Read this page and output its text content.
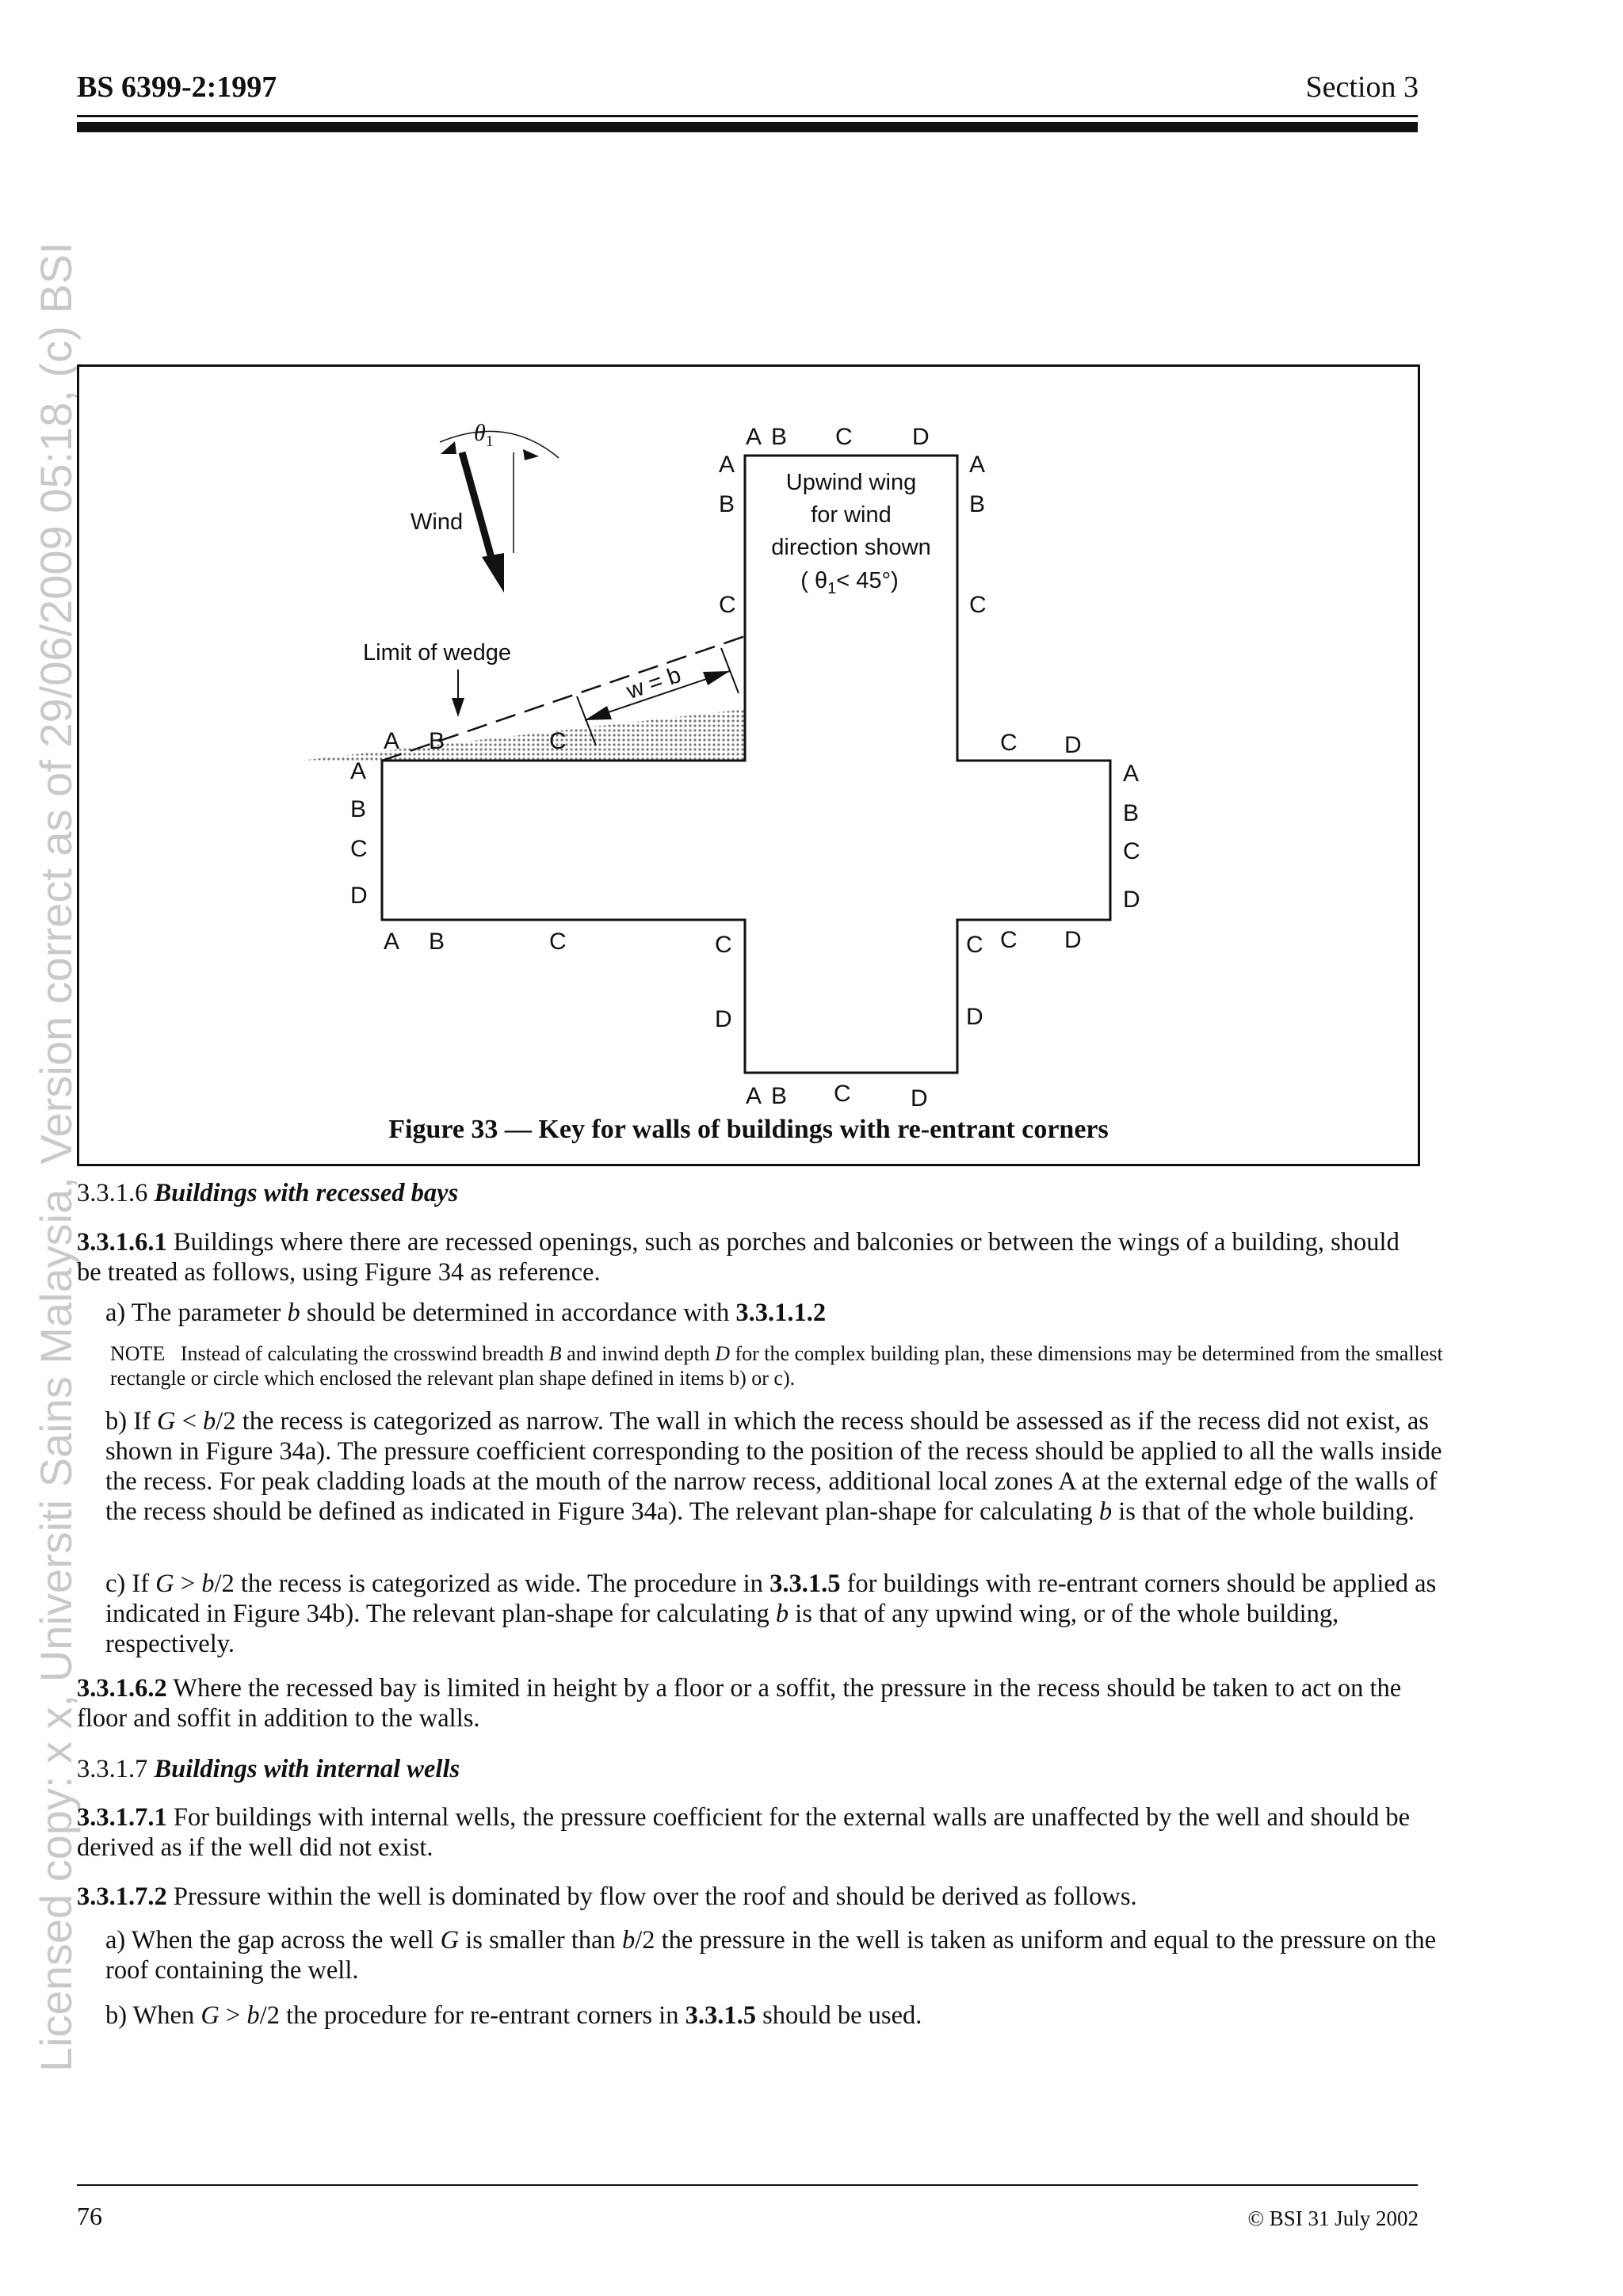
BS 6399-2:1997	Section 3
Licensed copy: x x, Universiti Sains Malaysia, Version correct as of 29/06/2009 05:18, (c) BSI	w = b
Limit of wedge
Wind
$\theta_1$
Upwind wing
for wind
direction shown
( $\theta_1< 45^\circ$)
A B C	D
A
B
C
A
B
C
A B	C
A
B
C
D
A B	C	C
D
C
D
A B C	D
C D
A
B
C
D
C D
Figure 33 — Key for walls of buildings with re-entrant corners

3.3.1.6 Buildings with recessed bays

3.3.1.6.1 Buildings where there are recessed openings, such as porches and balconies or between the wings of a building, should be treated as follows, using Figure 34 as reference.

a) The parameter b should be determined in accordance with 3.3.1.1.2

NOTE Instead of calculating the crosswind breadth B and inwind depth D for the complex building plan, these dimensions may be determined from the smallest rectangle or circle which enclosed the relevant plan shape defined in items b) or c).

b) If G < b/2 the recess is categorized as narrow. The wall in which the recess should be assessed as if the recess did not exist, as shown in Figure 34a). The pressure coefficient corresponding to the position of the recess should be applied to all the walls inside the recess. For peak cladding loads at the mouth of the narrow recess, additional local zones A at the external edge of the walls of the recess should be defined as indicated in Figure 34a). The relevant plan-shape for calculating b is that of the whole building.

c) If G > b/2 the recess is categorized as wide. The procedure in 3.3.1.5 for buildings with re-entrant corners should be applied as indicated in Figure 34b). The relevant plan-shape for calculating b is that of any upwind wing, or of the whole building, respectively.

3.3.1.6.2 Where the recessed bay is limited in height by a floor or a soffit, the pressure in the recess should be taken to act on the floor and soffit in addition to the walls.

3.3.1.7 Buildings with internal wells

3.3.1.7.1 For buildings with internal wells, the pressure coefficient for the external walls are unaffected by the well and should be derived as if the well did not exist.

3.3.1.7.2 Pressure within the well is dominated by flow over the roof and should be derived as follows.

a) When the gap across the well G is smaller than b/2 the pressure in the well is taken as uniform and equal to the pressure on the roof containing the well.

b) When G > b/2 the procedure for re-entrant corners in 3.3.1.5 should be used.

76	© BSI 31 July 2002
